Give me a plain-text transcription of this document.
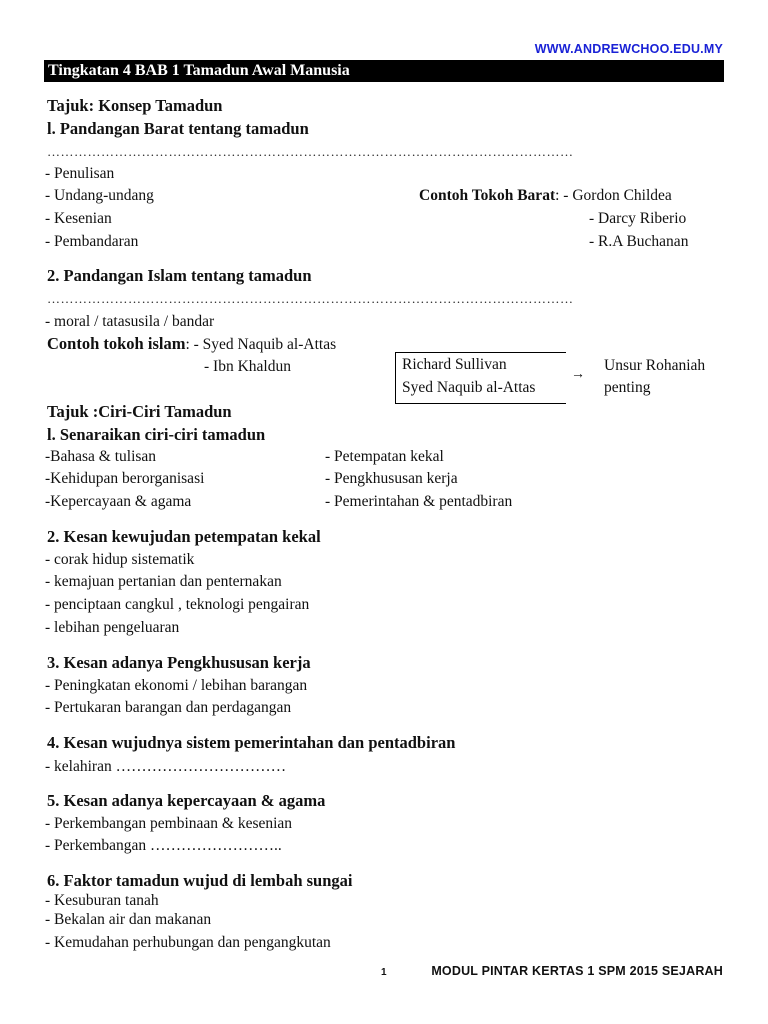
WWW.ANDREWCHOO.EDU.MY
Tingkatan 4 BAB 1 Tamadun Awal Manusia
Tajuk: Konsep Tamadun
l. Pandangan Barat tentang tamadun
………………………………………………………………………………………………………
- Penulisan
- Undang-undang
- Kesenian
- Pembandaran
Contoh Tokoh Barat: - Gordon Childea
- Darcy Riberio
- R.A Buchanan
2. Pandangan Islam tentang tamadun
………………………………………………………………………………………………………
- moral / tatasusila / bandar
Contoh tokoh islam: - Syed Naquib al-Attas
- Ibn Khaldun	Richard Sullivan
Syed Naquib al-Attas
→
Unsur Rohaniah
penting
Tajuk :Ciri-Ciri Tamadun
l. Senaraikan ciri-ciri tamadun
-Bahasa & tulisan
-Kehidupan berorganisasi
-Kepercayaan & agama
- Petempatan kekal
- Pengkhususan kerja
- Pemerintahan & pentadbiran
2. Kesan kewujudan petempatan kekal
- corak hidup sistematik
- kemajuan pertanian dan penternakan
- penciptaan cangkul , teknologi pengairan
- lebihan pengeluaran
3. Kesan adanya Pengkhususan kerja
- Peningkatan ekonomi / lebihan barangan
- Pertukaran barangan dan perdagangan
4. Kesan wujudnya sistem pemerintahan dan pentadbiran
- kelahiran ……………………………
5. Kesan adanya kepercayaan & agama
- Perkembangan pembinaan & kesenian
- Perkembangan ……………………..
6. Faktor tamadun wujud di lembah sungai
- Kesuburan tanah
- Bekalan air dan makanan
- Kemudahan perhubungan dan pengangkutan
1	MODUL PINTAR KERTAS 1 SPM 2015 SEJARAH
